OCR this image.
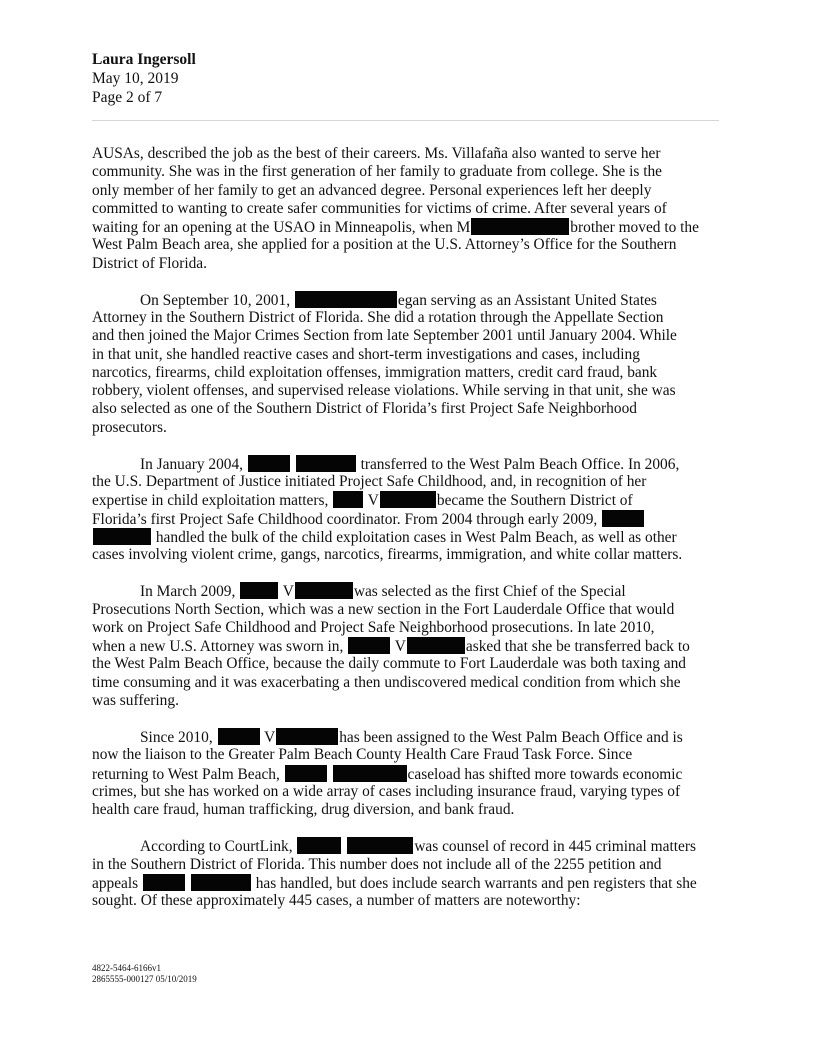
Laura Ingersoll
May 10, 2019
Page 2 of 7
AUSAs, described the job as the best of their careers. Ms. Villafaña also wanted to serve her
community. She was in the first generation of her family to graduate from college. She is the
only member of her family to get an advanced degree. Personal experiences left her deeply
committed to wanting to create safer communities for victims of crime. After several years of
waiting for an opening at the USAO in Minneapolis, when M	brother moved to the
West Palm Beach area, she applied for a position at the U.S. Attorney’s Office for the Southern
District of Florida.
On September 10, 2001,	egan serving as an Assistant United States
Attorney in the Southern District of Florida. She did a rotation through the Appellate Section
and then joined the Major Crimes Section from late September 2001 until January 2004. While
in that unit, she handled reactive cases and short-term investigations and cases, including
narcotics, firearms, child exploitation offenses, immigration matters, credit card fraud, bank
robbery, violent offenses, and supervised release violations. While serving in that unit, she was
also selected as one of the Southern District of Florida’s first Project Safe Neighborhood
prosecutors.
In January 2004,	transferred to the West Palm Beach Office. In 2006,
the U.S. Department of Justice initiated Project Safe Childhood, and, in recognition of her
expertise in child exploitation matters,  V	became the Southern District of
Florida’s first Project Safe Childhood coordinator. From 2004 through early 2009,
handled the bulk of the child exploitation cases in West Palm Beach, as well as other
cases involving violent crime, gangs, narcotics, firearms, immigration, and white collar matters.
In March 2009,	V	was selected as the first Chief of the Special
Prosecutions North Section, which was a new section in the Fort Lauderdale Office that would
work on Project Safe Childhood and Project Safe Neighborhood prosecutions. In late 2010,
when a new U.S. Attorney was sworn in,	V	asked that she be transferred back to
the West Palm Beach Office, because the daily commute to Fort Lauderdale was both taxing and
time consuming and it was exacerbating a then undiscovered medical condition from which she
was suffering.
Since 2010,	V	has been assigned to the West Palm Beach Office and is
now the liaison to the Greater Palm Beach County Health Care Fraud Task Force. Since
returning to West Palm Beach,	caseload has shifted more towards economic
crimes, but she has worked on a wide array of cases including insurance fraud, varying types of
health care fraud, human trafficking, drug diversion, and bank fraud.
According to CourtLink,	was counsel of record in 445 criminal matters
in the Southern District of Florida. This number does not include all of the 2255 petition and
appeals	has handled, but does include search warrants and pen registers that she
sought. Of these approximately 445 cases, a number of matters are noteworthy:
4822-5464-6166v1
2865555-000127 05/10/2019
